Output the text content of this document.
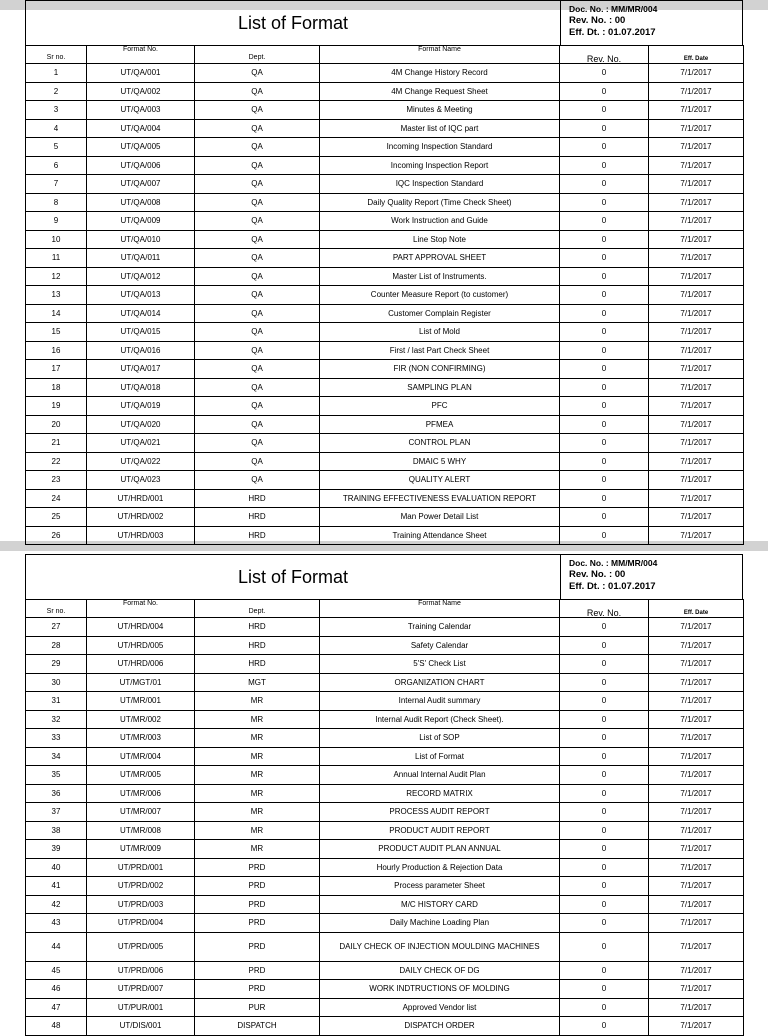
List of Format
Doc. No. : MM/MR/004
Rev. No. : 00
Eff. Dt. : 01.07.2017
Sr no.	Format No.	Dept.	Format Name	Rev. No.	Eff. Date
1	UT/QA/001	QA	4M Change History Record	0	7/1/2017
2	UT/QA/002	QA	4M Change Request Sheet	0	7/1/2017
3	UT/QA/003	QA	Minutes & Meeting	0	7/1/2017
4	UT/QA/004	QA	Master list of IQC part	0	7/1/2017
5	UT/QA/005	QA	Incoming Inspection Standard	0	7/1/2017
6	UT/QA/006	QA	Incoming Inspection Report	0	7/1/2017
7	UT/QA/007	QA	IQC Inspection Standard	0	7/1/2017
8	UT/QA/008	QA	Daily Quality Report (Time Check Sheet)	0	7/1/2017
9	UT/QA/009	QA	Work Instruction and Guide	0	7/1/2017
10	UT/QA/010	QA	Line Stop Note	0	7/1/2017
11	UT/QA/011	QA	PART APPROVAL SHEET	0	7/1/2017
12	UT/QA/012	QA	Master List of Instruments.	0	7/1/2017
13	UT/QA/013	QA	Counter Measure Report (to customer)	0	7/1/2017
14	UT/QA/014	QA	Customer Complain Register	0	7/1/2017
15	UT/QA/015	QA	List of Mold	0	7/1/2017
16	UT/QA/016	QA	First / last Part Check Sheet	0	7/1/2017
17	UT/QA/017	QA	FIR (NON CONFIRMING)	0	7/1/2017
18	UT/QA/018	QA	SAMPLING PLAN	0	7/1/2017
19	UT/QA/019	QA	PFC	0	7/1/2017
20	UT/QA/020	QA	PFMEA	0	7/1/2017
21	UT/QA/021	QA	CONTROL PLAN	0	7/1/2017
22	UT/QA/022	QA	DMAIC 5 WHY	0	7/1/2017
23	UT/QA/023	QA	QUALITY ALERT	0	7/1/2017
24	UT/HRD/001	HRD	TRAINING EFFECTIVENESS EVALUATION REPORT	0	7/1/2017
25	UT/HRD/002	HRD	Man Power Detail List	0	7/1/2017
26	UT/HRD/003	HRD	Training Attendance Sheet	0	7/1/2017
List of Format
Doc. No. : MM/MR/004
Rev. No. : 00
Eff. Dt. : 01.07.2017
Sr no.	Format No.	Dept.	Format Name	Rev. No.	Eff. Date
27	UT/HRD/004	HRD	Training Calendar	0	7/1/2017
28	UT/HRD/005	HRD	Safety Calendar	0	7/1/2017
29	UT/HRD/006	HRD	5'S' Check List	0	7/1/2017
30	UT/MGT/01	MGT	ORGANIZATION CHART	0	7/1/2017
31	UT/MR/001	MR	Internal Audit summary	0	7/1/2017
32	UT/MR/002	MR	Internal Audit Report (Check Sheet).	0	7/1/2017
33	UT/MR/003	MR	List of SOP	0	7/1/2017
34	UT/MR/004	MR	List of Format	0	7/1/2017
35	UT/MR/005	MR	Annual Internal Audit Plan	0	7/1/2017
36	UT/MR/006	MR	RECORD MATRIX	0	7/1/2017
37	UT/MR/007	MR	PROCESS AUDIT REPORT	0	7/1/2017
38	UT/MR/008	MR	PRODUCT AUDIT REPORT	0	7/1/2017
39	UT/MR/009	MR	PRODUCT AUDIT PLAN ANNUAL	0	7/1/2017
40	UT/PRD/001	PRD	Hourly Production & Rejection Data	0	7/1/2017
41	UT/PRD/002	PRD	Process parameter Sheet	0	7/1/2017
42	UT/PRD/003	PRD	M/C HISTORY CARD	0	7/1/2017
43	UT/PRD/004	PRD	Daily Machine Loading Plan	0	7/1/2017
44	UT/PRD/005	PRD	DAILY CHECK OF INJECTION MOULDING MACHINES	0	7/1/2017
45	UT/PRD/006	PRD	DAILY CHECK OF DG	0	7/1/2017
46	UT/PRD/007	PRD	WORK INDTRUCTIONS OF MOLDING	0	7/1/2017
47	UT/PUR/001	PUR	Approved Vendor list	0	7/1/2017
48	UT/DIS/001	DISPATCH	DISPATCH ORDER	0	7/1/2017
